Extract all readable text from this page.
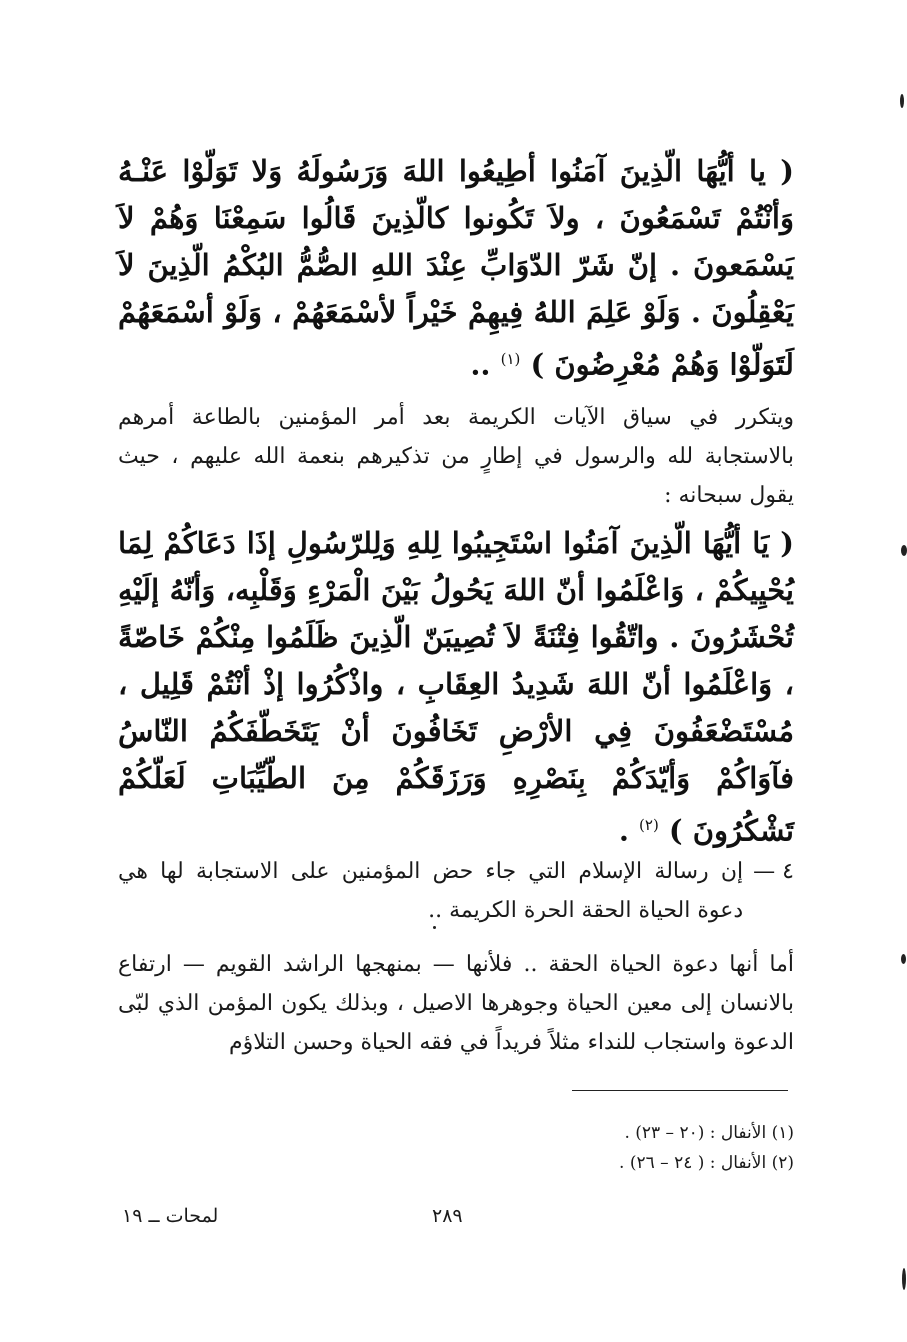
( يا أيُّهَا الّذِينَ آمَنُوا أطِيعُوا اللهَ وَرَسُولَهُ وَلا تَوَلّوْا عَنْـهُ وَأنْتُمْ تَسْمَعُونَ ، ولاَ تَكُونوا كالّذِينَ قَالُوا سَمِعْنَا وَهُمْ لاَ يَسْمَعونَ . إنّ شَرّ الدّوَابِّ عِنْدَ اللهِ الصُّمُّ البُكْمُ الّذِينَ لاَ يَعْقِلُونَ . وَلَوْ عَلِمَ اللهُ فِيهِمْ خَيْراً لأسْمَعَهُمْ ، وَلَوْ أسْمَعَهُمْ لَتَوَلّوْا وَهُمْ مُعْرِضُونَ ) $^{(١)}$ ..
ويتكرر في سياق الآيات الكريمة بعد أمر المؤمنين بالطاعة أمرهم بالاستجابة لله والرسول في إطارٍ من تذكيرهم بنعمة الله عليهم ، حيث يقول سبحانه :
( يَا أيُّهَا الّذِينَ آمَنُوا اسْتَجِيبُوا لِلهِ وَلِلرّسُولِ إذَا دَعَاكُمْ لِمَا يُحْيِيكُمْ ، وَاعْلَمُوا أنّ اللهَ يَحُولُ بَيْنَ الْمَرْءِ وَقَلْبِه، وَأنّهُ إلَيْهِ تُحْشَرُونَ . واتّقُوا فِتْنَةً لاَ تُصِيبَنّ الّذِينَ ظَلَمُوا مِنْكُمْ خَاصّةً ، وَاعْلَمُوا أنّ اللهَ شَدِيدُ العِقَابِ ، واذْكُرُوا إذْ أنْتُمْ قَلِيل ، مُسْتَضْعَفُونَ فِي الأرْضِ تَخَافُونَ أنْ يَتَخَطّفَكُمُ النّاسُ فآوَاكُمْ وَأيّدَكُمْ بِنَصْرِهِ وَرَزَقَكُمْ مِنَ الطّيِّبَاتِ لَعَلّكُمْ تَشْكُرُونَ ) $^{(٢)}$ .
٤ —
إن رسالة الإسلام التي جاء حض المؤمنين على الاستجابة لها هي دعوة الحياة الحقة الحرة الكريمة ..
أما أنها دعوة الحياة الحقة .. فلأنها — بمنهجها الراشد القويم — ارتفاع بالانسان إلى معين الحياة وجوهرها الاصيل ، وبذلك يكون المؤمن الذي لبّى الدعوة واستجاب للنداء مثلاً فريداً في فقه الحياة وحسن التلاؤم
(١) الأنفال : (٢٠ – ٢٣) .
(٢) الأنفال : ( ٢٤ – ٢٦) .
٢٨٩
لمحات ــ ١٩
